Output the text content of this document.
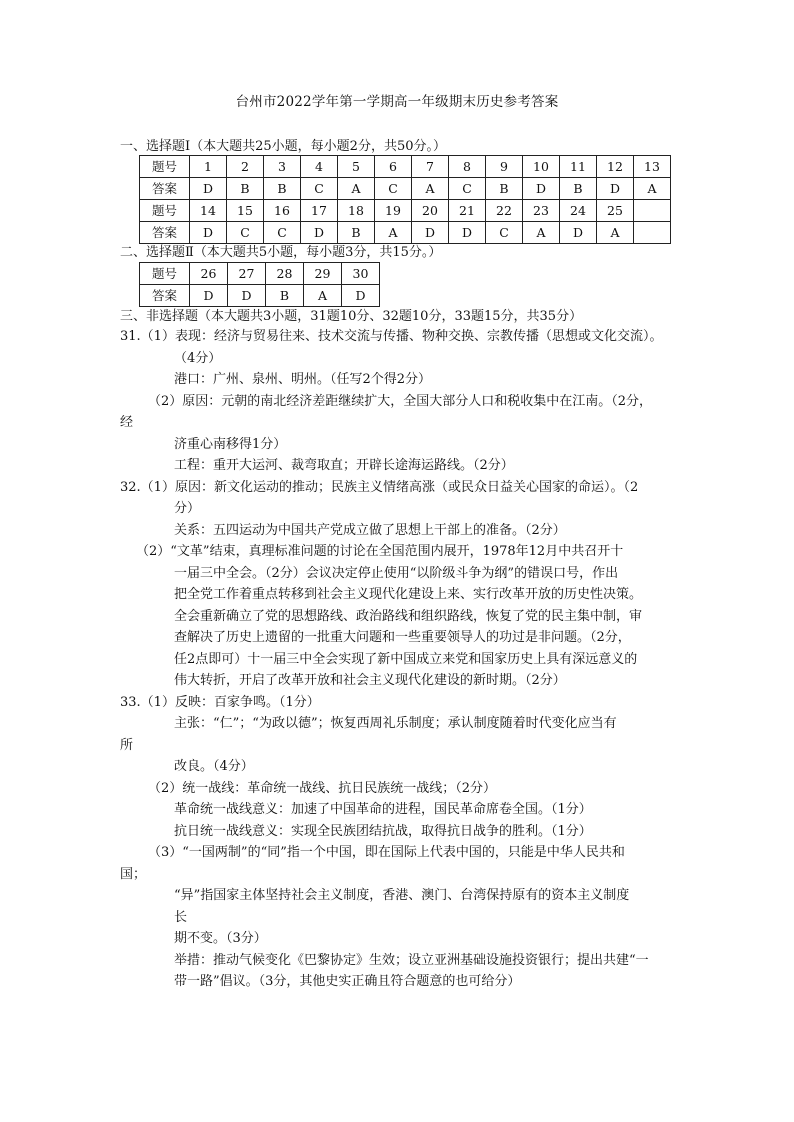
台州市2022学年第一学期高一年级期末历史参考答案
一、选择题Ⅰ（本大题共25小题，每小题2分，共50分。）
题号	1	2	3	4	5	6	7	8	9	10	11	12	13
答案	D	B	B	C	A	C	A	C	B	D	B	D	A
题号	14	15	16	17	18	19	20	21	22	23	24	25	
答案	D	C	C	D	B	A	D	D	C	A	D	A	
二、选择题Ⅱ（本大题共5小题，每小题3分，共15分。）
题号	26	27	28	29	30
答案	D	D	B	A	D
三、非选择题（本大题共3小题，31题10分、32题10分，33题15分，共35分）
31.（1）表现：经济与贸易往来、技术交流与传播、物种交换、宗教传播（思想或文化交流）。
（4分）
港口：广州、泉州、明州。（任写2个得2分）
（2）原因：元朝的南北经济差距继续扩大，全国大部分人口和税收集中在江南。（2分，
经
济重心南移得1分）
工程：重开大运河、裁弯取直；开辟长途海运路线。（2分）
32.（1）原因：新文化运动的推动；民族主义情绪高涨（或民众日益关心国家的命运）。（2
分）
关系：五四运动为中国共产党成立做了思想上干部上的准备。（2分）
（2）“文革”结束，真理标准问题的讨论在全国范围内展开，1978年12月中共召开十
一届三中全会。（2分）会议决定停止使用“以阶级斗争为纲”的错误口号，作出
把全党工作着重点转移到社会主义现代化建设上来、实行改革开放的历史性决策。
全会重新确立了党的思想路线、政治路线和组织路线，恢复了党的民主集中制，审
查解决了历史上遗留的一批重大问题和一些重要领导人的功过是非问题。（2分，
任2点即可）十一届三中全会实现了新中国成立来党和国家历史上具有深远意义的
伟大转折，开启了改革开放和社会主义现代化建设的新时期。（2分）
33.（1）反映：百家争鸣。（1分）
主张：“仁”；“为政以德”；恢复西周礼乐制度；承认制度随着时代变化应当有
所
改良。（4分）
（2）统一战线：革命统一战线、抗日民族统一战线；（2分）
革命统一战线意义：加速了中国革命的进程，国民革命席卷全国。（1分）
抗日统一战线意义：实现全民族团结抗战，取得抗日战争的胜利。（1分）
（3）“一国两制”的“同”指一个中国，即在国际上代表中国的，只能是中华人民共和
国；
“异”指国家主体坚持社会主义制度，香港、澳门、台湾保持原有的资本主义制度
长
期不变。（3分）
举措：推动气候变化《巴黎协定》生效；设立亚洲基础设施投资银行；提出共建“一
带一路”倡议。（3分，其他史实正确且符合题意的也可给分）
